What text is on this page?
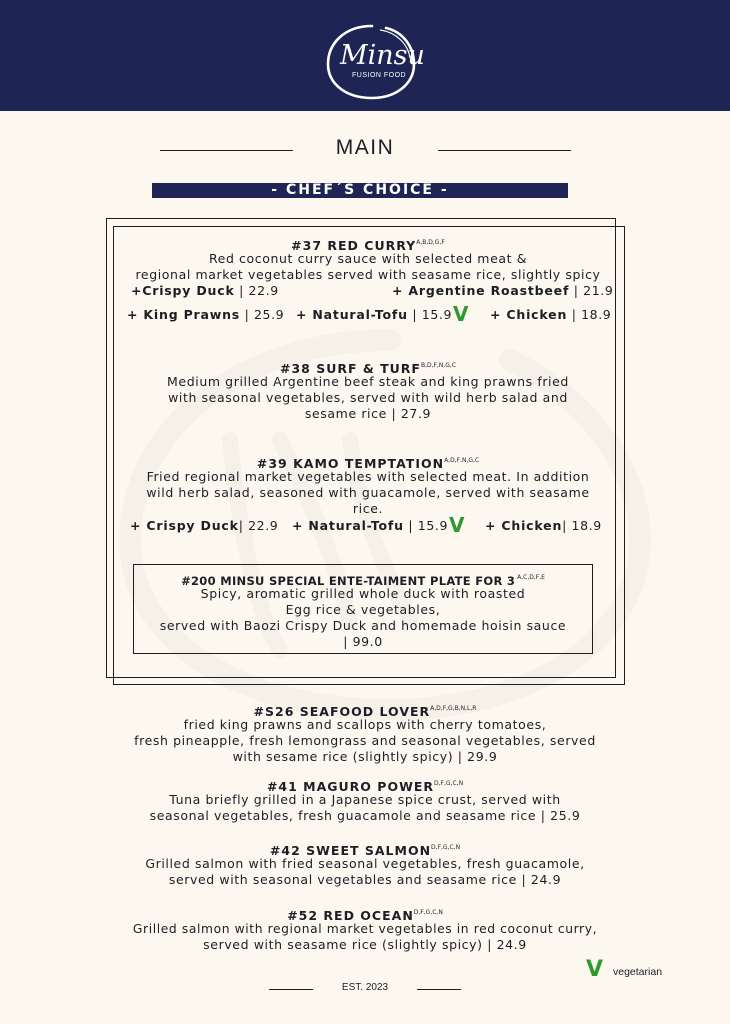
Minsu
FUSION FOOD
MAIN
- CHEF´S CHOICE -
#37 RED $CURRY^{A,B,D,G,F}$
Red coconut curry sauce with selected meat &
regional market vegetables served with seasame rice, slightly spicy
+Crispy Duck | 22.9	+ Argentine Roastbeef | 21.9
+ King Prawns | 25.9 + Natural-Tofu | 15.9V + Chicken | 18.9
#38 SURF & $TURF^{B,D,F,N,G,C}$
Medium grilled Argentine beef steak and king prawns fried
with seasonal vegetables, served with wild herb salad and
sesame rice | 27.9
#39 KAMO $TEMPTATION^{A,D,F,N,G,C}$
Fried regional market vegetables with selected meat. In addition
wild herb salad, seasoned with guacamole, served with seasame
rice.
+ Crispy Duck| 22.9 + Natural-Tofu | 15.9V + Chicken| 18.9
#200 MINSU SPECIAL ENTE-TAIMENT PLATE FOR 3 $^{A,C,D,F,E}$
Spicy, aromatic grilled whole duck with roasted
Egg rice & vegetables,
served with Baozi Crispy Duck and homemade hoisin sauce
| 99.0
#S26 SEAFOOD $LOVER^{A,D,F,G,B,N,L,R}$
fried king prawns and scallops with cherry tomatoes,
fresh pineapple, fresh lemongrass and seasonal vegetables, served
with sesame rice (slightly spicy) | 29.9
#41 MAGURO $POWER^{D,F,G,C,N}$
Tuna briefly grilled in a Japanese spice crust, served with
seasonal vegetables, fresh guacamole and seasame rice | 25.9
#42 SWEET $SALMON^{D,F,G,C,N}$
Grilled salmon with fried seasonal vegetables, fresh guacamole,
served with seasonal vegetables and seasame rice | 24.9
#52 RED $OCEAN^{D,F,G,C,N}$
Grilled salmon with regional market vegetables in red coconut curry,
served with seasame rice (slightly spicy) | 24.9
V vegetarian
EST. 2023
